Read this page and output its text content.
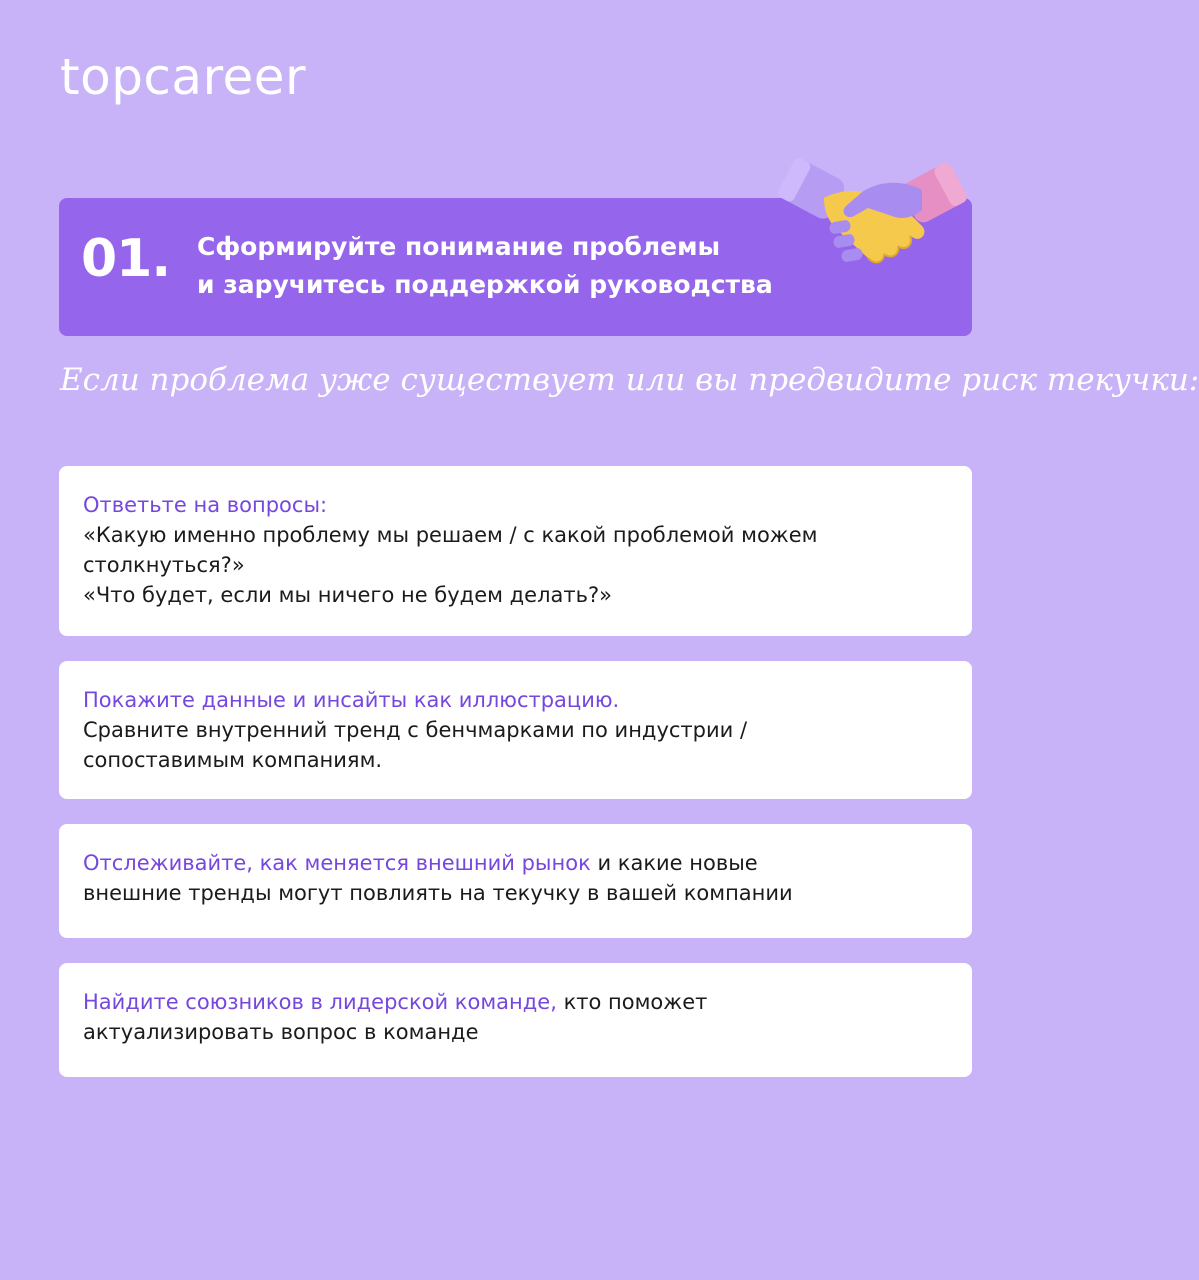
topcareer
01. Сформируйте понимание проблемы
и заручитесь поддержкой руководства
Если проблема уже существует или вы предвидите риск текучки:
Ответьте на вопросы:
«Какую именно проблему мы решаем / с какой проблемой можем
столкнуться?»
«Что будет, если мы ничего не будем делать?»
Покажите данные и инсайты как иллюстрацию.
Сравните внутренний тренд с бенчмарками по индустрии /
сопоставимым компаниям.
Отслеживайте, как меняется внешний рынок и какие новые
внешние тренды могут повлиять на текучку в вашей компании
Найдите союзников в лидерской команде, кто поможет
актуализировать вопрос в команде
